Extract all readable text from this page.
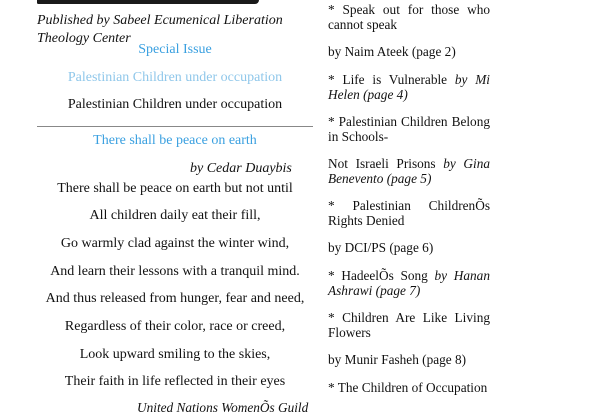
Published by Sabeel Ecumenical Liberation Theology Center
Special Issue
Palestinian Children under occupation
Palestinian Children under occupation
There shall be peace on earth
by Cedar Duaybis
There shall be peace on earth but not until
All children daily eat their fill,
Go warmly clad against the winter wind,
And learn their lessons with a tranquil mind.
And thus released from hunger, fear and need,
Regardless of their color, race or creed,
Look upward smiling to the skies,
Their faith in life reflected in their eyes
United Nations WomenÕs Guild
* Speak out for those who cannot speak
by Naim Ateek (page 2)
* Life is Vulnerable by Mi Helen (page 4)
* Palestinian Children Belong in Schools-
Not Israeli Prisons by Gina Benevento (page 5)
* Palestinian ChildrenÕs Rights Denied
by DCI/PS (page 6)
* HadeelÕs Song by Hanan Ashrawi (page 7)
* Children Are Like Living Flowers
by Munir Fasheh (page 8)
* The Children of Occupation
